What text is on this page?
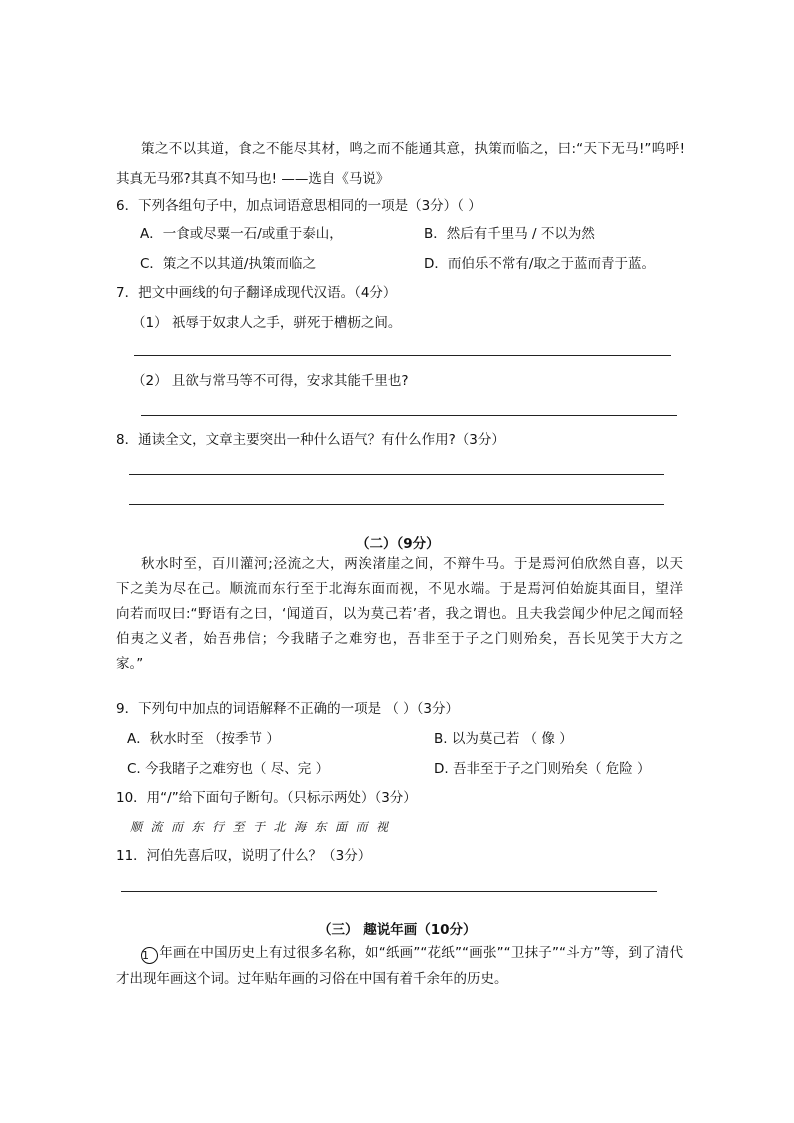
策之不以其道，食之不能尽其材，鸣之而不能通其意，执策而临之，曰:“天下无马!”呜呼!
其真无马邪?其真不知马也! ——选自《马说》
6．下列各组句子中，加点词语意思相同的一项是（3分）（ ）
A．一食或尽粟一石/或重于泰山，	B．然后有千里马 / 不以为然
C．策之不以其道/执策而临之	D．而伯乐不常有/取之于蓝而青于蓝。
7．把文中画线的句子翻译成现代汉语。（4分）
（1） 祇辱于奴隶人之手，骈死于槽枥之间。
（2） 且欲与常马等不可得，安求其能千里也?
8．通读全文，文章主要突出一种什么语气？有什么作用?（3分）
（二）（9分）
秋水时至，百川灌河;泾流之大，两涘渚崖之间，不辩牛马。于是焉河伯欣然自喜，以天
下之美为尽在己。顺流而东行至于北海东面而视，不见水端。于是焉河伯始旋其面目，望洋
向若而叹曰:“野语有之曰，‘闻道百，以为莫己若’者，我之谓也。且夫我尝闻少仲尼之闻而轻
伯夷之义者，始吾弗信；今我睹子之难穷也，吾非至于子之门则殆矣，吾长见笑于大方之
家。”
9．下列句中加点的词语解释不正确的一项是 （ ）（3分）
A．秋水时至 （按季节 ）	B. 以为莫己若 （ 像 ）
C. 今我睹子之难穷也（ 尽、完 ）	D. 吾非至于子之门则殆矣（ 危险 ）
10．用“/”给下面句子断句。（只标示两处）（3分）
顺流而东行至于北海东面而视
11．河伯先喜后叹，说明了什么？（3分）
（三） 趣说年画（10分）
1 年画在中国历史上有过很多名称，如“纸画”“花纸”“画张”“卫抹子”“斗方”等，到了清代
才出现年画这个词。过年贴年画的习俗在中国有着千余年的历史。
